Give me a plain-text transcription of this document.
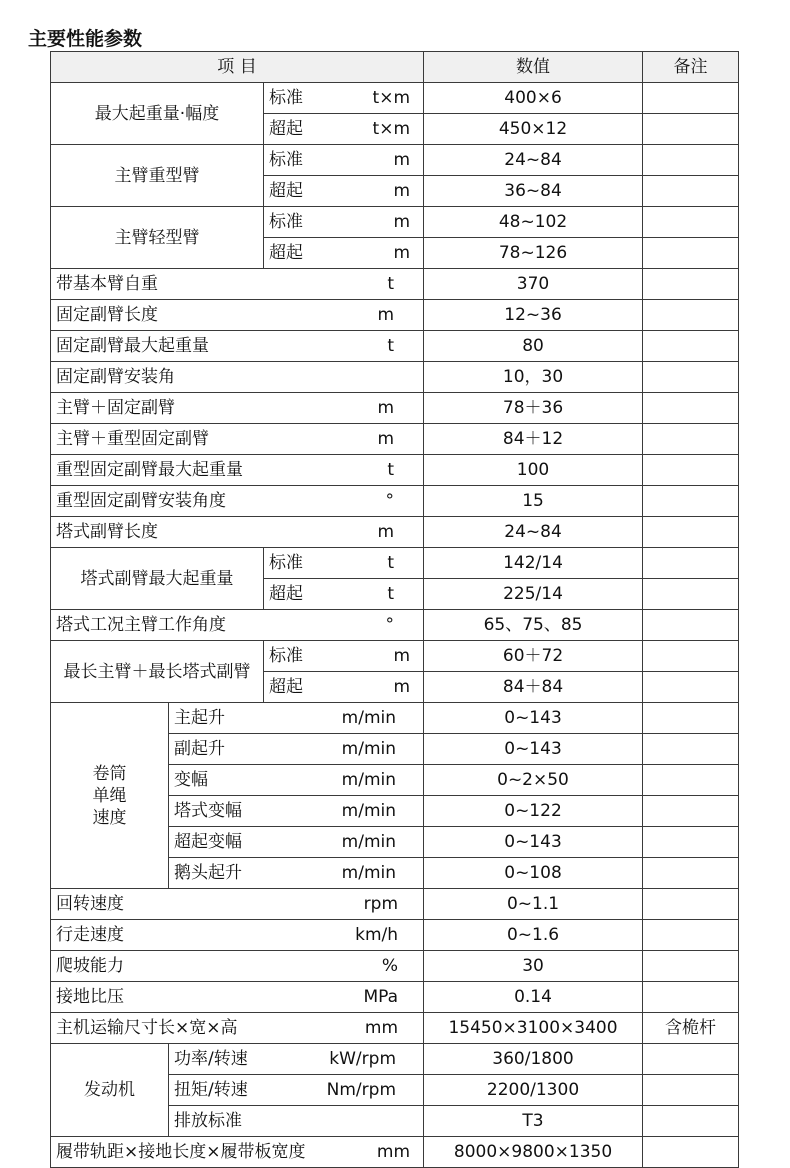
主要性能参数
项 目			数值	备注
最大起重量·幅度		标准 t×m	400×6	

		超起 t×m	450×12	
主臂重型臂		标准 m	24~84	

		超起 m	36~84	
主臂轻型臂		标准 m	48~102	

		超起 m	78~126	

带基本臂自重 t			370	

固定副臂长度 m			12~36	

固定副臂最大起重量 t			80	

固定副臂安装角			10，30	

主臂＋固定副臂 m			78＋36	

主臂＋重型固定副臂 m			84＋12	

重型固定副臂最大起重量 t			100	

重型固定副臂安装角度 °			15	

塔式副臂长度 m			24~84	
塔式副臂最大起重量		标准 t	142/14	

		超起 t	225/14	

塔式工况主臂工作角度 °			65、75、85	
最长主臂＋最长塔式副臂		标准 m	60＋72	

		超起 m	84＋84	

卷筒
单绳
速度	主起升 m/min		0~143	

	副起升 m/min		0~143	

	变幅 m/min		0~2×50	

	塔式变幅 m/min		0~122	

	超起变幅 m/min		0~143	

	鹅头起升 m/min		0~108	

回转速度 rpm			0~1.1	

行走速度 km/h			0~1.6	

爬坡能力 %			30	

接地比压 MPa			0.14	

主机运输尺寸长×宽×高 mm			15450×3100×3400	含桅杆
发动机	功率/转速 kW/rpm		360/1800	

	扭矩/转速 Nm/rpm		2200/1300	

	排放标准		T3	

履带轨距×接地长度×履带板宽度 mm			8000×9800×1350	
